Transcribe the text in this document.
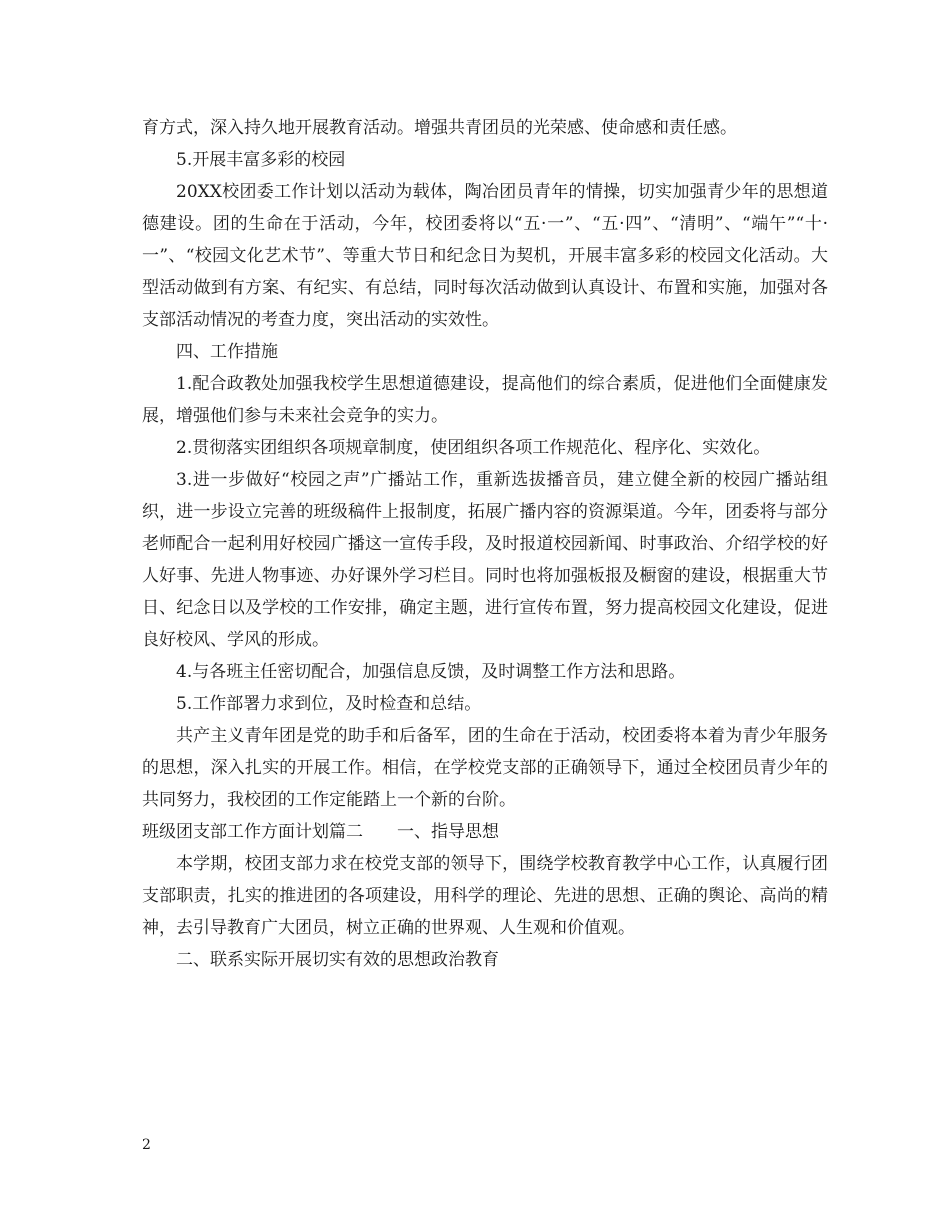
育方式，深入持久地开展教育活动。增强共青团员的光荣感、使命感和责任感。

5.开展丰富多彩的校园

20XX校团委工作计划以活动为载体，陶冶团员青年的情操，切实加强青少年的思想道德建设。团的生命在于活动，今年，校团委将以“五·一”、“五·四”、“清明”、“端午”“十·一”、“校园文化艺术节”、等重大节日和纪念日为契机，开展丰富多彩的校园文化活动。大型活动做到有方案、有纪实、有总结，同时每次活动做到认真设计、布置和实施，加强对各支部活动情况的考查力度，突出活动的实效性。

四、工作措施

1.配合政教处加强我校学生思想道德建设，提高他们的综合素质，促进他们全面健康发展，增强他们参与未来社会竞争的实力。

2.贯彻落实团组织各项规章制度，使团组织各项工作规范化、程序化、实效化。

3.进一步做好“校园之声”广播站工作，重新选拔播音员，建立健全新的校园广播站组织，进一步设立完善的班级稿件上报制度，拓展广播内容的资源渠道。今年，团委将与部分老师配合一起利用好校园广播这一宣传手段，及时报道校园新闻、时事政治、介绍学校的好人好事、先进人物事迹、办好课外学习栏目。同时也将加强板报及橱窗的建设，根据重大节日、纪念日以及学校的工作安排，确定主题，进行宣传布置，努力提高校园文化建设，促进良好校风、学风的形成。

4.与各班主任密切配合，加强信息反馈，及时调整工作方法和思路。

5.工作部署力求到位，及时检查和总结。

共产主义青年团是党的助手和后备军，团的生命在于活动，校团委将本着为青少年服务的思想，深入扎实的开展工作。相信，在学校党支部的正确领导下，通过全校团员青少年的共同努力，我校团的工作定能踏上一个新的台阶。

班级团支部工作方面计划篇二 一、指导思想

本学期，校团支部力求在校党支部的领导下，围绕学校教育教学中心工作，认真履行团支部职责，扎实的推进团的各项建设，用科学的理论、先进的思想、正确的舆论、高尚的精神，去引导教育广大团员，树立正确的世界观、人生观和价值观。

二、联系实际开展切实有效的思想政治教育

2
